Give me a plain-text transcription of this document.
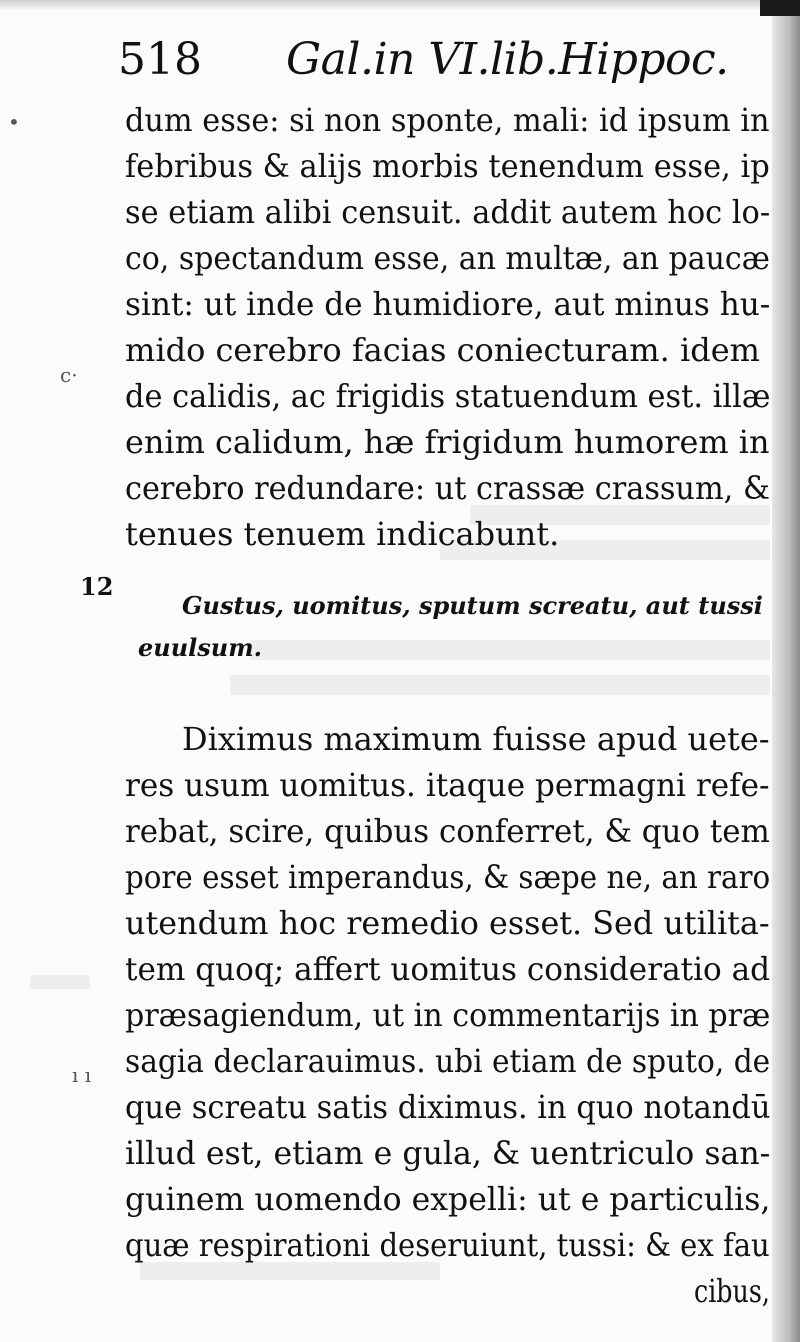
•
c·
ı ı
518 Gal.in VI.lib.Hippoc.
dum esse: si non sponte, mali: id ipsum in
febribus & alijs morbis tenendum esse, ip
se etiam alibi censuit. addit autem hoc lo-
co, spectandum esse, an multæ, an paucæ
sint: ut inde de humidiore, aut minus hu-
mido cerebro facias coniecturam. idem
de calidis, ac frigidis statuendum est. illæ
enim calidum, hæ frigidum humorem in
cerebro redundare: ut crassæ crassum, &
tenues tenuem indicabunt.
12
Gustus, uomitus, sputum screatu, aut tussi
euulsum.
Diximus maximum fuisse apud uete-
res usum uomitus. itaque permagni refe-
rebat, scire, quibus conferret, & quo tem
pore esset imperandus, & sæpe ne, an raro
utendum hoc remedio esset. Sed utilita-
tem quoq; affert uomitus consideratio ad
præsagiendum, ut in commentarijs in præ
sagia declarauimus. ubi etiam de sputo, de
que screatu satis diximus. in quo notandū
illud est, etiam e gula, & uentriculo san-
guinem uomendo expelli: ut e particulis,
quæ respirationi deseruiunt, tussi: & ex fau
cibus,
